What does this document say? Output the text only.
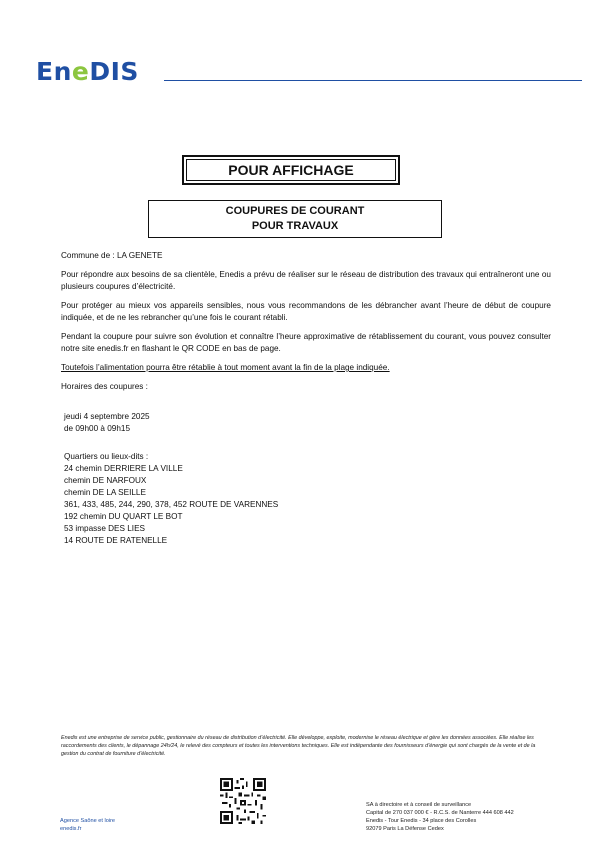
EneDIS
POUR AFFICHAGE
COUPURES DE COURANT
POUR TRAVAUX

Commune de : LA GENETE

Pour répondre aux besoins de sa clientèle, Enedis a prévu de réaliser sur le réseau de distribution des travaux qui entraîneront une ou plusieurs coupures d’électricité.

Pour protéger au mieux vos appareils sensibles, nous vous recommandons de les débrancher avant l’heure de début de coupure indiquée, et de ne les rebrancher qu’une fois le courant rétabli.

Pendant la coupure pour suivre son évolution et connaître l’heure approximative de rétablissement du courant, vous pouvez consulter notre site enedis.fr en flashant le QR CODE en bas de page.

Toutefois l’alimentation pourra être rétablie à tout moment avant la fin de la plage indiquée.

Horaires des coupures :

jeudi 4 septembre 2025
de 09h00 à 09h15
Quartiers ou lieux-dits :
24 chemin DERRIERE LA VILLE
chemin DE NARFOUX
chemin DE LA SEILLE
361, 433, 485, 244, 290, 378, 452 ROUTE DE VARENNES
192 chemin DU QUART LE BOT
53 impasse DES LIES
14 ROUTE DE RATENELLE
Enedis est une entreprise de service public, gestionnaire du réseau de distribution d’électricité. Elle développe, exploite, modernise le réseau électrique et gère les données associées. Elle réalise les raccordements des clients, le dépannage 24h/24, le relevé des compteurs et toutes les interventions techniques. Elle est indépendante des fournisseurs d’énergie qui sont chargés de la vente et de la gestion du contrat de fourniture d’électricité.
Agence Saône et loire
enedis.fr
SA à directoire et à conseil de surveillance
Capital de 270 037 000 € - R.C.S. de Nanterre 444 608 442
Enedis - Tour Enedis - 34 place des Corolles
92079 Paris La Défense Cedex
